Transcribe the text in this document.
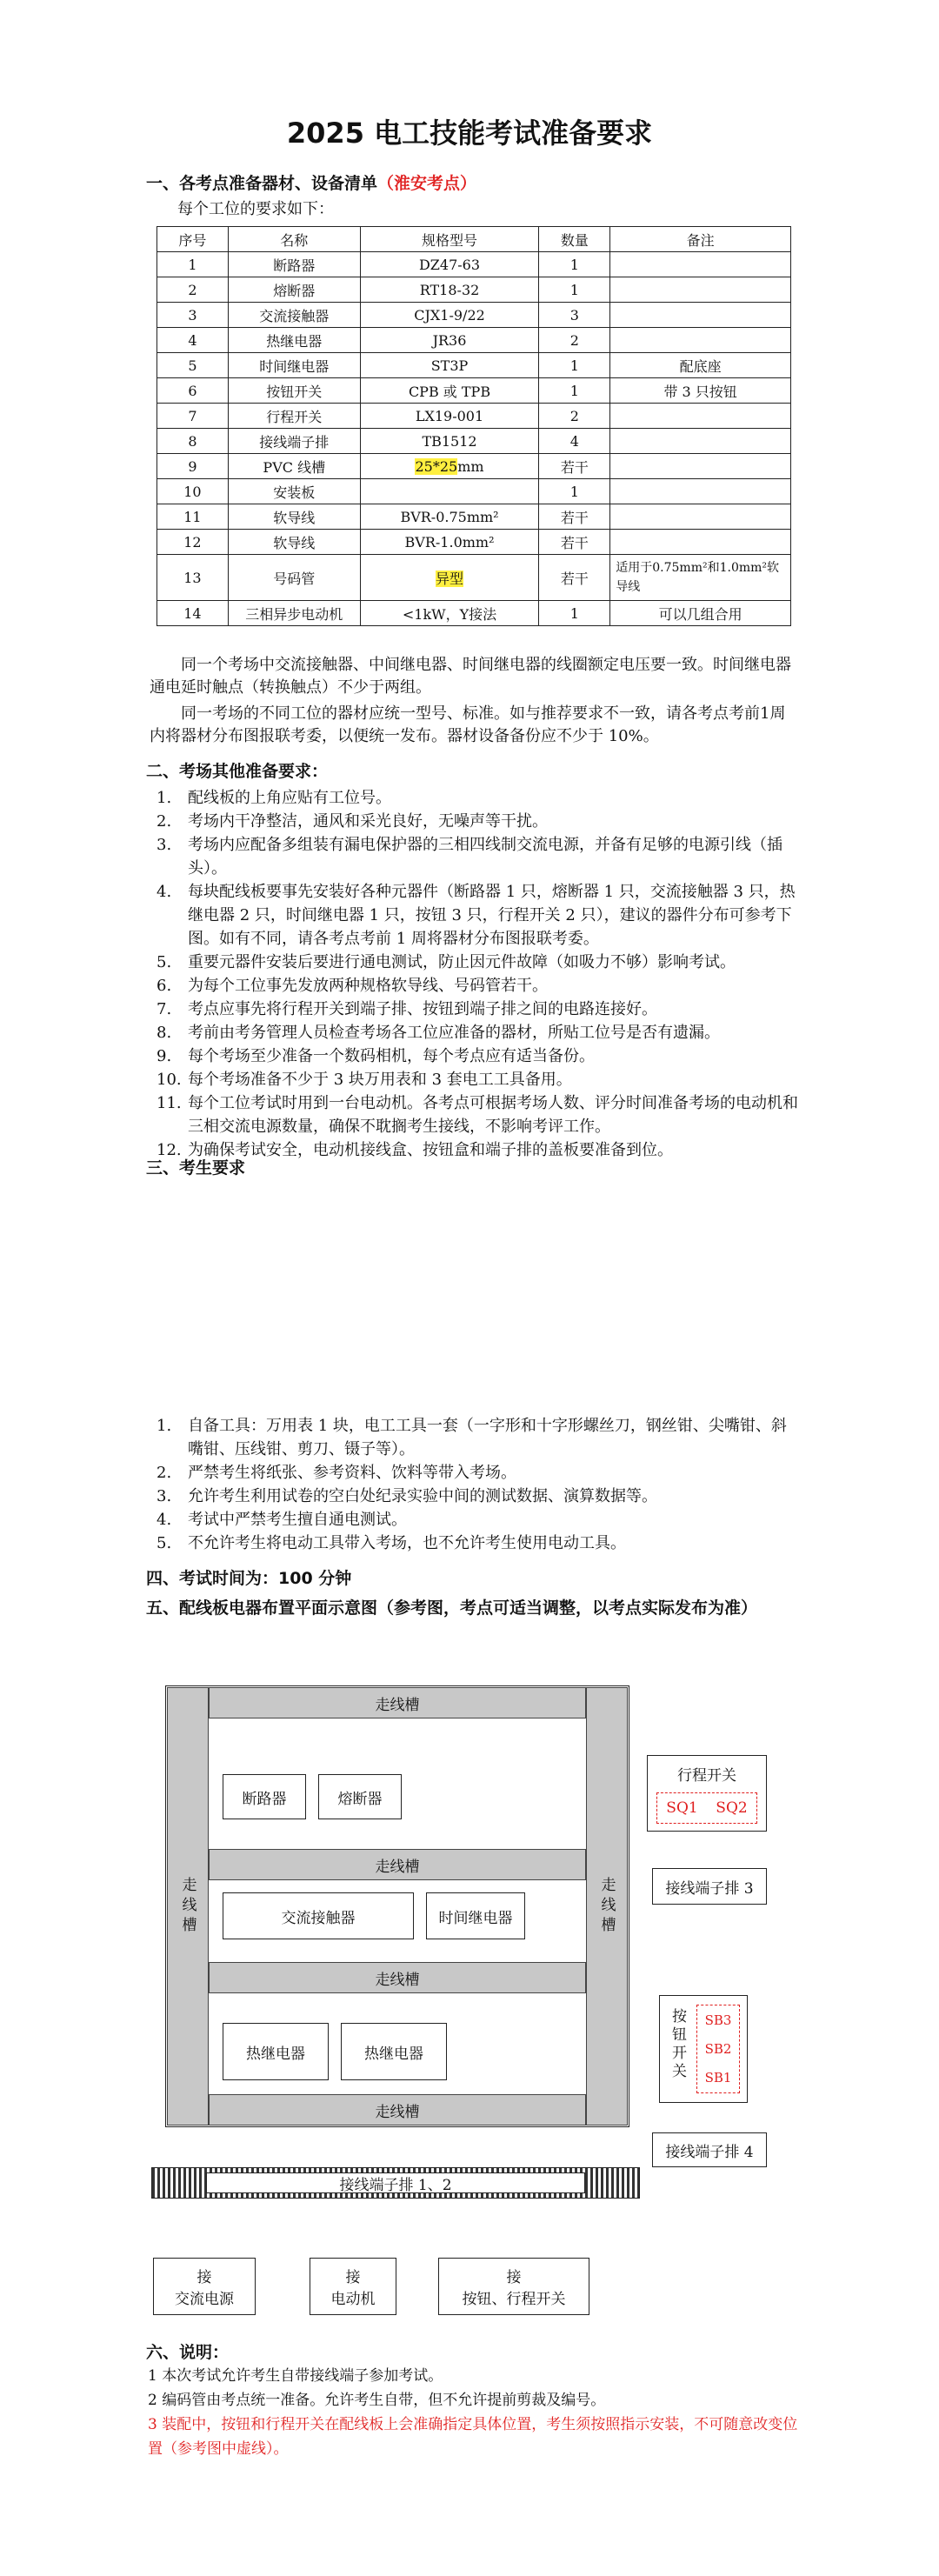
2025 电工技能考试准备要求
一、各考点准备器材、设备清单（淮安考点）
每个工位的要求如下：
序号	名称	规格型号	数量	备注
1	断路器	DZ47-63	1	
2	熔断器	RT18-32	1	
3	交流接触器	CJX1-9/22	3	
4	热继电器	JR36	2	
5	时间继电器	ST3P	1	配底座
6	按钮开关	CPB 或 TPB	1	带 3 只按钮
7	行程开关	LX19-001	2	
8	接线端子排	TB1512	4	
9	PVC 线槽	25*25mm	若干	
10	安装板		1	
11	软导线	BVR-0.75mm²	若干	
12	软导线	BVR-1.0mm²	若干	
13	号码管	异型	若干	适用于0.75mm²和1.0mm²软导线
14	三相异步电动机	<1kW，Y接法	1	可以几组合用
同一个考场中交流接触器、中间继电器、时间继电器的线圈额定电压要一致。时间继电器通电延时触点（转换触点）不少于两组。
同一考场的不同工位的器材应统一型号、标准。如与推荐要求不一致，请各考点考前1周内将器材分布图报联考委，以便统一发布。器材设备备份应不少于 10%。
二、考场其他准备要求：
1. 配线板的上角应贴有工位号。
2. 考场内干净整洁，通风和采光良好，无噪声等干扰。
3. 考场内应配备多组装有漏电保护器的三相四线制交流电源，并备有足够的电源引线（插头）。
4. 每块配线板要事先安装好各种元器件（断路器 1 只，熔断器 1 只，交流接触器 3 只，热继电器 2 只，时间继电器 1 只，按钮 3 只，行程开关 2 只），建议的器件分布可参考下图。如有不同，请各考点考前 1 周将器材分布图报联考委。
5. 重要元器件安装后要进行通电测试，防止因元件故障（如吸力不够）影响考试。
6. 为每个工位事先发放两种规格软导线、号码管若干。
7. 考点应事先将行程开关到端子排、按钮到端子排之间的电路连接好。
8. 考前由考务管理人员检查考场各工位应准备的器材，所贴工位号是否有遗漏。
9. 每个考场至少准备一个数码相机，每个考点应有适当备份。
10. 每个考场准备不少于 3 块万用表和 3 套电工工具备用。
11. 每个工位考试时用到一台电动机。各考点可根据考场人数、评分时间准备考场的电动机和三相交流电源数量，确保不耽搁考生接线，不影响考评工作。
12. 为确保考试安全，电动机接线盒、按钮盒和端子排的盖板要准备到位。
三、考生要求
1. 自备工具：万用表 1 块，电工工具一套（一字形和十字形螺丝刀，钢丝钳、尖嘴钳、斜嘴钳、压线钳、剪刀、镊子等）。
2. 严禁考生将纸张、参考资料、饮料等带入考场。
3. 允许考生利用试卷的空白处纪录实验中间的测试数据、演算数据等。
4. 考试中严禁考生擅自通电测试。
5. 不允许考生将电动工具带入考场，也不允许考生使用电动工具。
四、考试时间为：100 分钟
五、配线板电器布置平面示意图（参考图，考点可适当调整，以考点实际发布为准）
走线槽	走线槽
走线槽
走线槽
走线槽
走线槽
断路器	熔断器
交流接触器	时间继电器
热继电器	热继电器
接线端子排 1、2
行程开关
SQ1 SQ2
接线端子排 3
按钮开关 SB3
SB2
SB1
接线端子排 4
接
交流电源
接
电动机
接
按钮、行程开关
六、说明：
1 本次考试允许考生自带接线端子参加考试。
2 编码管由考点统一准备。允许考生自带，但不允许提前剪裁及编号。
3 装配中，按钮和行程开关在配线板上会准确指定具体位置，考生须按照指示安装，不可随意改变位置（参考图中虚线）。
